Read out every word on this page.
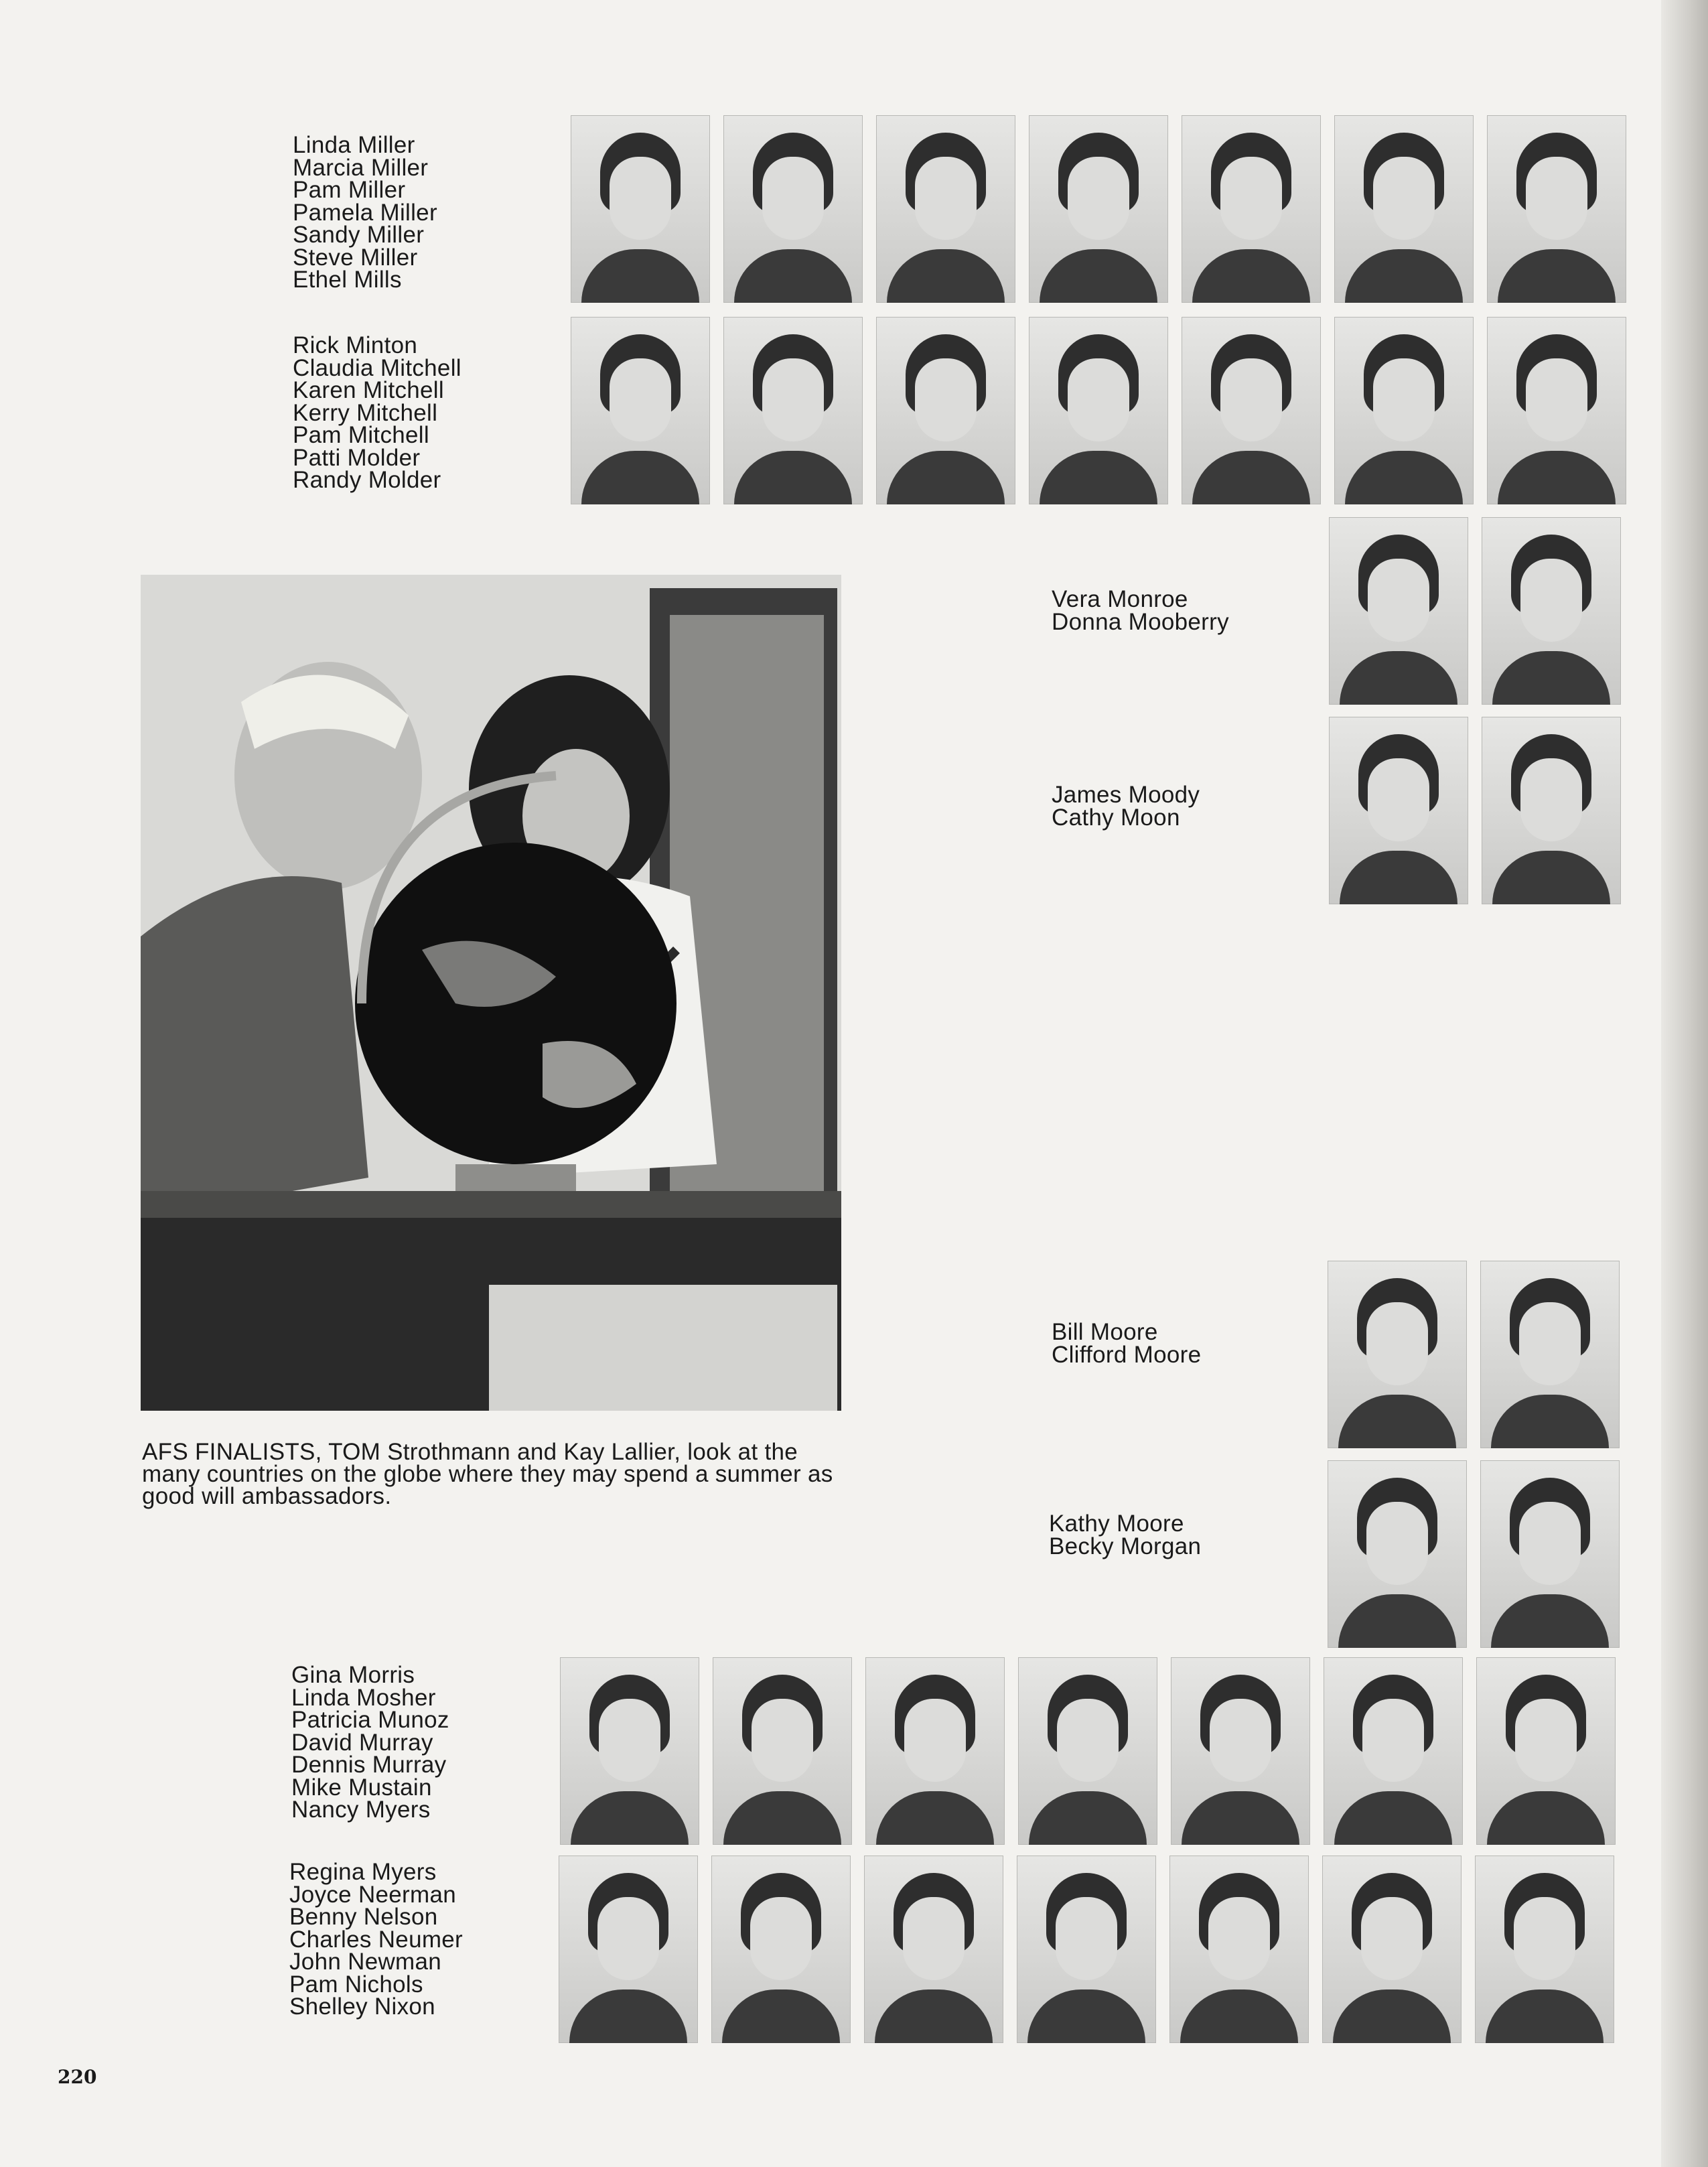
Linda Miller
Marcia Miller
Pam Miller
Pamela Miller
Sandy Miller
Steve Miller
Ethel Mills
Rick Minton
Claudia Mitchell
Karen Mitchell
Kerry Mitchell
Pam Mitchell
Patti Molder
Randy Molder
Vera Monroe
Donna Mooberry
James Moody
Cathy Moon
AFS FINALISTS, TOM Strothmann and Kay Lallier, look at the many countries on the globe where they may spend a summer as good will ambassadors.
Bill Moore
Clifford Moore
Kathy Moore
Becky Morgan
Gina Morris
Linda Mosher
Patricia Munoz
David Murray
Dennis Murray
Mike Mustain
Nancy Myers
Regina Myers
Joyce Neerman
Benny Nelson
Charles Neumer
John Newman
Pam Nichols
Shelley Nixon
220
